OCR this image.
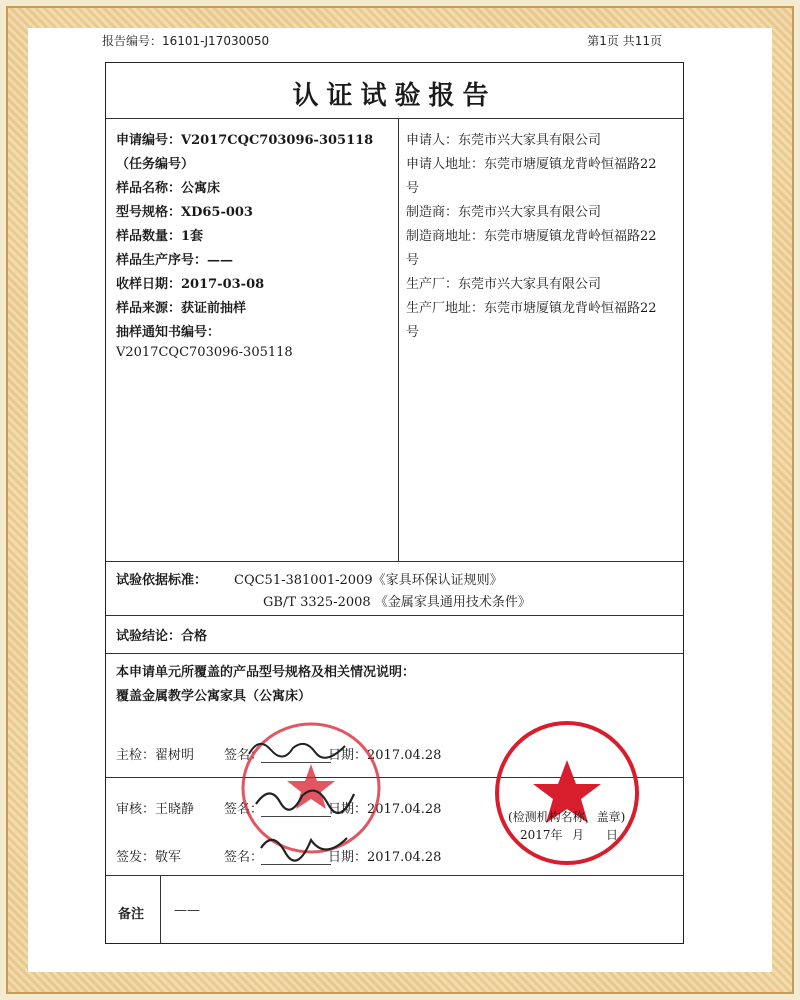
报告编号：16101-J17030050	第1页 共11页
认证试验报告
申请编号：V2017CQC703096-305118
（任务编号）
样品名称：公寓床
型号规格：XD65-003
样品数量：1套
样品生产序号：——
收样日期：2017-03-08
样品来源：获证前抽样
抽样通知书编号：
V2017CQC703096-305118
申请人：东莞市兴大家具有限公司
申请人地址：东莞市塘厦镇龙背岭恒福路22
号
制造商：东莞市兴大家具有限公司
制造商地址：东莞市塘厦镇龙背岭恒福路22
号
生产厂：东莞市兴大家具有限公司
生产厂地址：东莞市塘厦镇龙背岭恒福路22
号
试验依据标准： CQC51-381001-2009《家具环保认证规则》
GB/T 3325-2008 《金属家具通用技术条件》
试验结论：合格
本申请单元所覆盖的产品型号规格及相关情况说明：
覆盖金属教学公寓家具（公寓床）
主检：翟树明 签名：	日期：2017.04.28
审核：王晓静 签名：	日期：2017.04.28
签发：敬军	签名：	日期：2017.04.28
备注 ——
(检测机构名称，盖章)
2017年 月 日
